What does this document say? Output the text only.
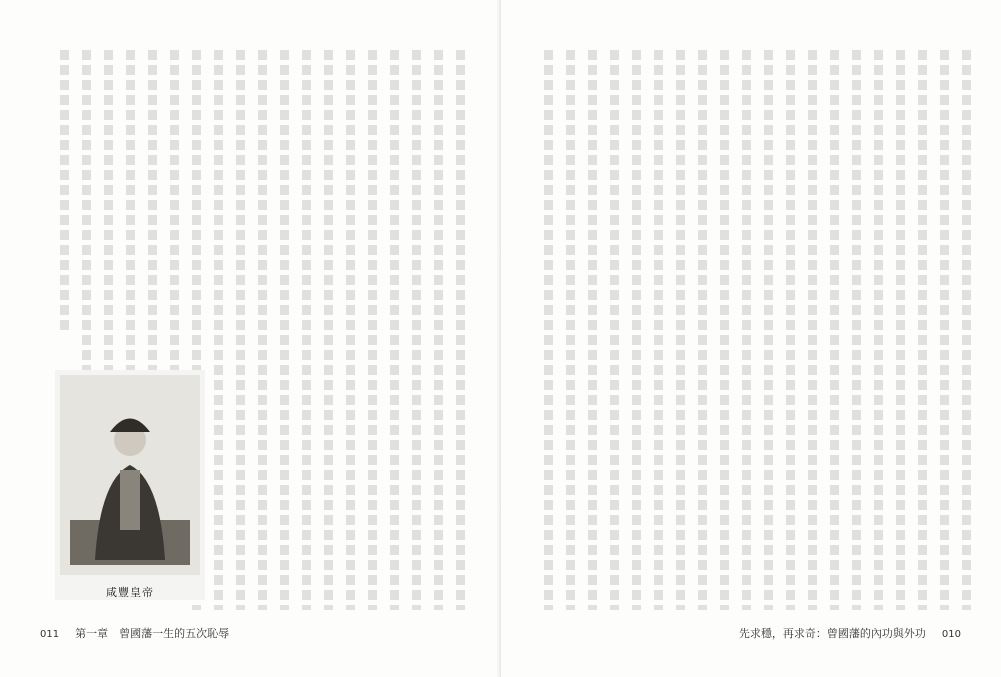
咸豐皇帝
011 第一章　曾國藩一生的五次恥辱	先求穩，再求奇：曾國藩的內功與外功 010
